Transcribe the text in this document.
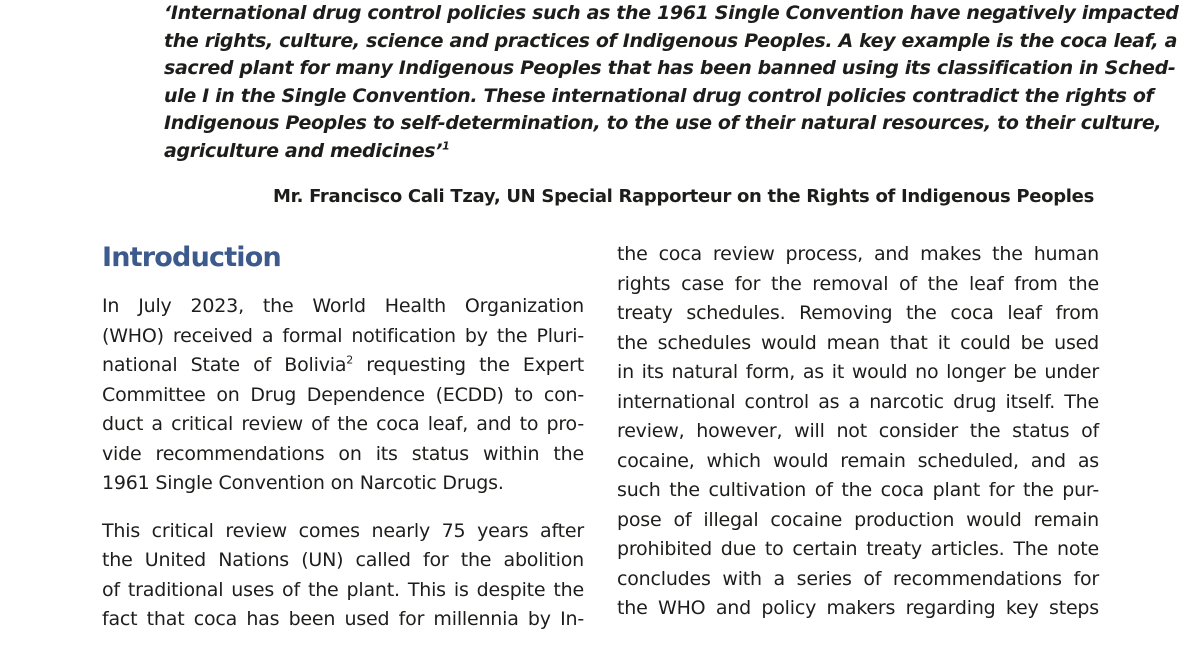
‘International drug control policies such as the 1961 Single Convention have negatively impacted

the rights, culture, science and practices of Indigenous Peoples. A key example is the coca leaf, a

sacred plant for many Indigenous Peoples that has been banned using its classification in Sched-

ule I in the Single Convention. These international drug control policies contradict the rights of

Indigenous Peoples to self-determination, to the use of their natural resources, to their culture,

agriculture and medicines’$^1$

Mr. Francisco Cali Tzay, UN Special Rapporteur on the Rights of Indigenous Peoples
Introduction
In July 2023, the World Health Organization
(WHO) received a formal notification by the Pluri-
national State of Bolivia$^2$ requesting the Expert
Committee on Drug Dependence (ECDD) to con-
duct a critical review of the coca leaf, and to pro-
vide recommendations on its status within the
1961 Single Convention on Narcotic Drugs.
This critical review comes nearly 75 years after
the United Nations (UN) called for the abolition
of traditional uses of the plant. This is despite the
fact that coca has been used for millennia by In-
the coca review process, and makes the human
rights case for the removal of the leaf from the
treaty schedules. Removing the coca leaf from
the schedules would mean that it could be used
in its natural form, as it would no longer be under
international control as a narcotic drug itself. The
review, however, will not consider the status of
cocaine, which would remain scheduled, and as
such the cultivation of the coca plant for the pur-
pose of illegal cocaine production would remain
prohibited due to certain treaty articles. The note
concludes with a series of recommendations for
the WHO and policy makers regarding key steps
